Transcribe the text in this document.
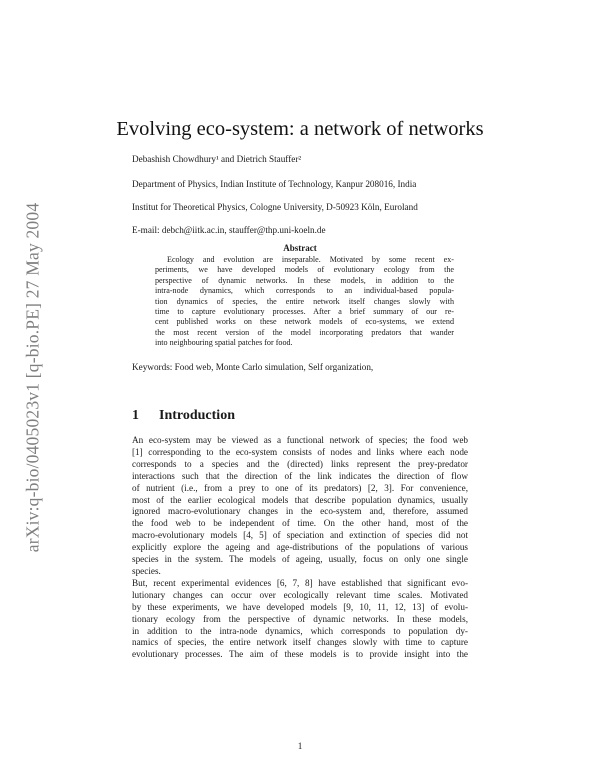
arXiv:q-bio/0405023v1 [q-bio.PE] 27 May 2004
Evolving eco-system: a network of networks
Debashish Chowdhury¹ and Dietrich Stauffer²
Department of Physics, Indian Institute of Technology, Kanpur 208016, India
Institut for Theoretical Physics, Cologne University, D-50923 Köln, Euroland
E-mail: debch@iitk.ac.in, stauffer@thp.uni-koeln.de
Abstract
Ecology and evolution are inseparable. Motivated by some recent ex-
periments, we have developed models of evolutionary ecology from the
perspective of dynamic networks. In these models, in addition to the
intra-node dynamics, which corresponds to an individual-based popula-
tion dynamics of species, the entire network itself changes slowly with
time to capture evolutionary processes. After a brief summary of our re-
cent published works on these network models of eco-systems, we extend
the most recent version of the model incorporating predators that wander
into neighbouring spatial patches for food.
Keywords: Food web, Monte Carlo simulation, Self organization,
1 Introduction
An eco-system may be viewed as a functional network of species; the food web
[1] corresponding to the eco-system consists of nodes and links where each node
corresponds to a species and the (directed) links represent the prey-predator
interactions such that the direction of the link indicates the direction of flow
of nutrient (i.e., from a prey to one of its predators) [2, 3]. For convenience,
most of the earlier ecological models that describe population dynamics, usually
ignored macro-evolutionary changes in the eco-system and, therefore, assumed
the food web to be independent of time. On the other hand, most of the
macro-evolutionary models [4, 5] of speciation and extinction of species did not
explicitly explore the ageing and age-distributions of the populations of various
species in the system. The models of ageing, usually, focus on only one single
species.
But, recent experimental evidences [6, 7, 8] have established that significant evo-
lutionary changes can occur over ecologically relevant time scales. Motivated
by these experiments, we have developed models [9, 10, 11, 12, 13] of evolu-
tionary ecology from the perspective of dynamic networks. In these models,
in addition to the intra-node dynamics, which corresponds to population dy-
namics of species, the entire network itself changes slowly with time to capture
evolutionary processes. The aim of these models is to provide insight into the
1
